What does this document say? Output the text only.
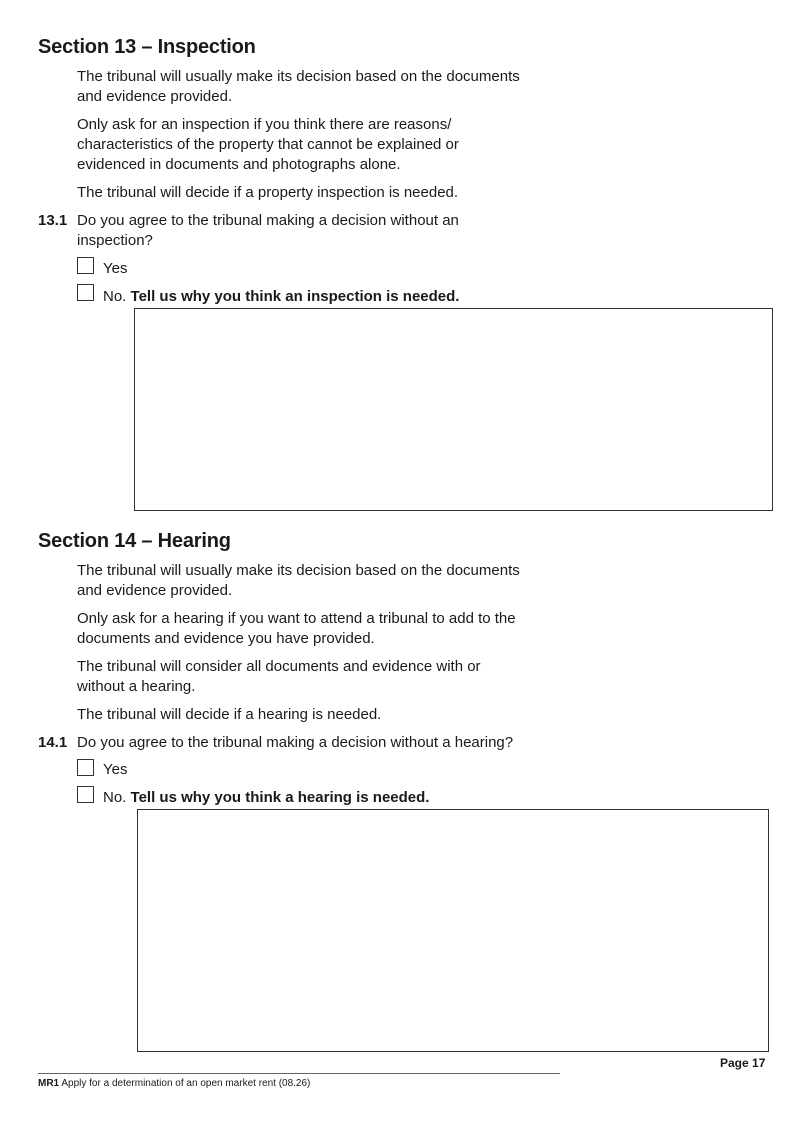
Section 13 – Inspection
The tribunal will usually make its decision based on the documents
and evidence provided.
Only ask for an inspection if you think there are reasons/
characteristics of the property that cannot be explained or
evidenced in documents and photographs alone.
The tribunal will decide if a property inspection is needed.
13.1 Do you agree to the tribunal making a decision without an
inspection?
Yes
No. Tell us why you think an inspection is needed.
Section 14 – Hearing
The tribunal will usually make its decision based on the documents
and evidence provided.
Only ask for a hearing if you want to attend a tribunal to add to the
documents and evidence you have provided.
The tribunal will consider all documents and evidence with or
without a hearing.
The tribunal will decide if a hearing is needed.
14.1 Do you agree to the tribunal making a decision without a hearing?
Yes
No. Tell us why you think a hearing is needed.
Page 17
MR1 Apply for a determination of an open market rent (08.26)
